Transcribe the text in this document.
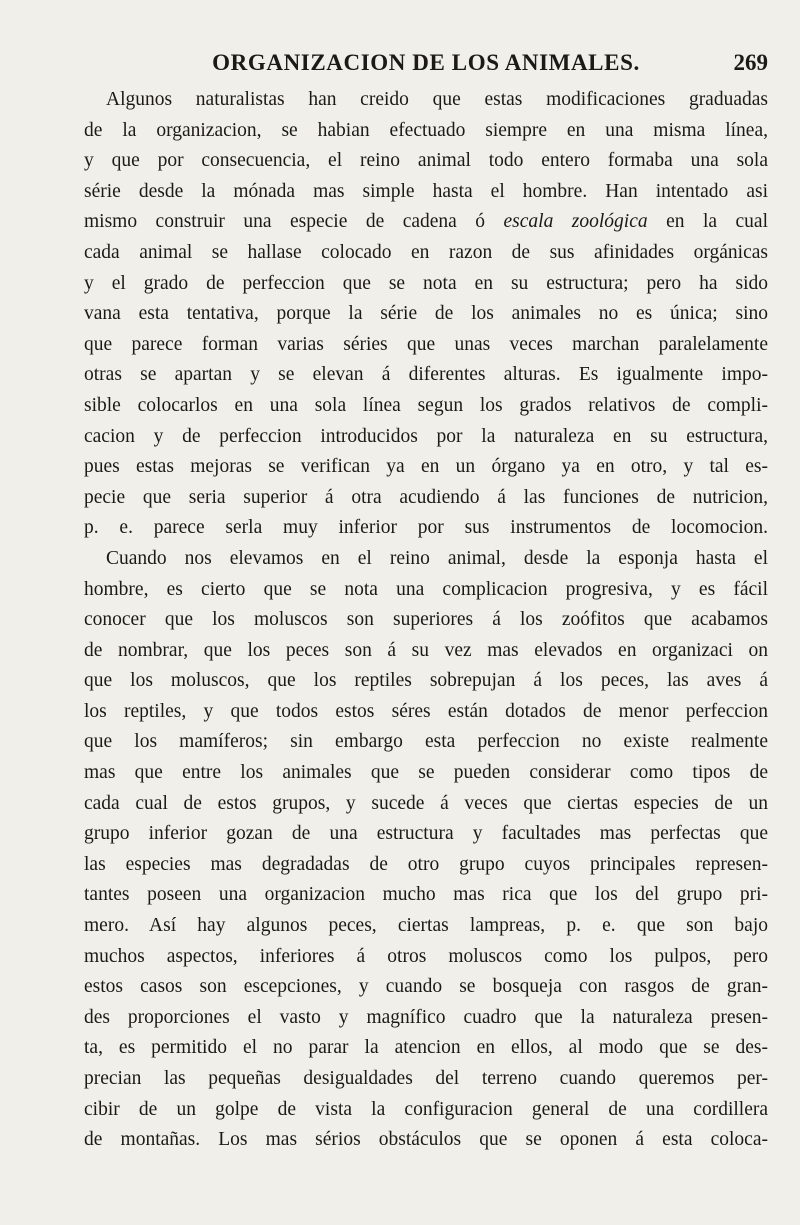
ORGANIZACION DE LOS ANIMALES.	269
Algunos naturalistas han creido que estas modificaciones graduadas
de la organizacion, se habian efectuado siempre en una misma línea,
y que por consecuencia, el reino animal todo entero formaba una sola
série desde la mónada mas simple hasta el hombre. Han intentado asi
mismo construir una especie de cadena ó escala zoológica en la cual
cada animal se hallase colocado en razon de sus afinidades orgánicas
y el grado de perfeccion que se nota en su estructura; pero ha sido
vana esta tentativa, porque la série de los animales no es única; sino
que parece forman varias séries que unas veces marchan paralelamente
otras se apartan y se elevan á diferentes alturas. Es igualmente impo-
sible colocarlos en una sola línea segun los grados relativos de compli-
cacion y de perfeccion introducidos por la naturaleza en su estructura,
pues estas mejoras se verifican ya en un órgano ya en otro, y tal es-
pecie que seria superior á otra acudiendo á las funciones de nutricion,
p. e. parece serla muy inferior por sus instrumentos de locomocion.
Cuando nos elevamos en el reino animal, desde la esponja hasta el
hombre, es cierto que se nota una complicacion progresiva, y es fácil
conocer que los moluscos son superiores á los zoófitos que acabamos
de nombrar, que los peces son á su vez mas elevados en organizaci on
que los moluscos, que los reptiles sobrepujan á los peces, las aves á
los reptiles, y que todos estos séres están dotados de menor perfeccion
que los mamíferos; sin embargo esta perfeccion no existe realmente
mas que entre los animales que se pueden considerar como tipos de
cada cual de estos grupos, y sucede á veces que ciertas especies de un
grupo inferior gozan de una estructura y facultades mas perfectas que
las especies mas degradadas de otro grupo cuyos principales represen-
tantes poseen una organizacion mucho mas rica que los del grupo pri-
mero. Así hay algunos peces, ciertas lampreas, p. e. que son bajo
muchos aspectos, inferiores á otros moluscos como los pulpos, pero
estos casos son escepciones, y cuando se bosqueja con rasgos de gran-
des proporciones el vasto y magnífico cuadro que la naturaleza presen-
ta, es permitido el no parar la atencion en ellos, al modo que se des-
precian las pequeñas desigualdades del terreno cuando queremos per-
cibir de un golpe de vista la configuracion general de una cordillera
de montañas. Los mas sérios obstáculos que se oponen á esta coloca-
